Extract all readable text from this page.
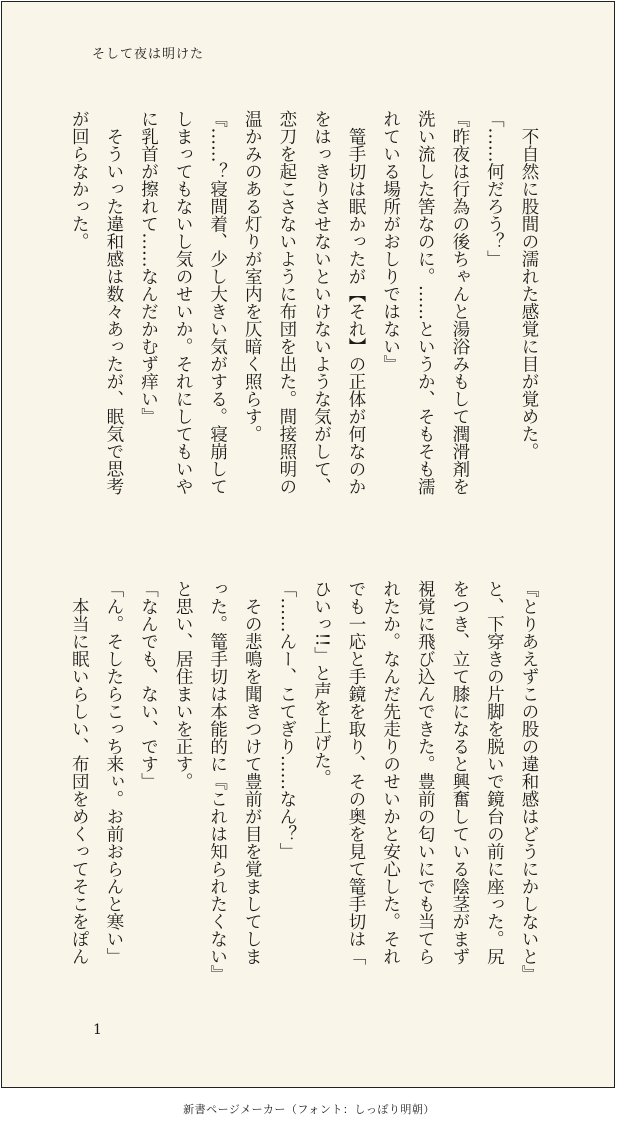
そして夜は明けた

　不自然に股間の濡れた感覚に目が覚めた。

「……何だろう？」

『昨夜は行為の後ちゃんと湯浴みもして潤滑剤を

洗い流した筈なのに。……というか、そもそも濡

れている場所がおしりではない』

　篭手切は眠かったが【それ】の正体が何なのか

をはっきりさせないといけないような気がして、

恋刀を起こさないように布団を出た。間接照明の

温かみのある灯りが室内を仄暗く照らす。

『……？寝間着、少し大きい気がする。寝崩して

しまってもないし気のせいか。それにしてもいや

に乳首が擦れて……なんだかむず痒い』

　そういった違和感は数々あったが、眠気で思考

が回らなかった。

『とりあえずこの股の違和感はどうにかしないと』

と、下穿きの片脚を脱いで鏡台の前に座った。尻

をつき、立て膝になると興奮している陰茎がまず

視覚に飛び込んできた。豊前の匂いにでも当てら

れたか。なんだ先走りのせいかと安心した。それ

でも一応と手鏡を取り、その奥を見て篭手切は「

ひいっ!!」と声を上げた。

「……んー、こてぎり……なん？」

　その悲鳴を聞きつけて豊前が目を覚ましてしま

った。篭手切は本能的に『これは知られたくない』

と思い、居住まいを正す。

「なんでも、ない、です」

「ん。そしたらこっち来ぃ。お前おらんと寒い」

　本当に眠いらしい、布団をめくってそこをぽん

1
新書ページメーカー（フォント：しっぽり明朝）
